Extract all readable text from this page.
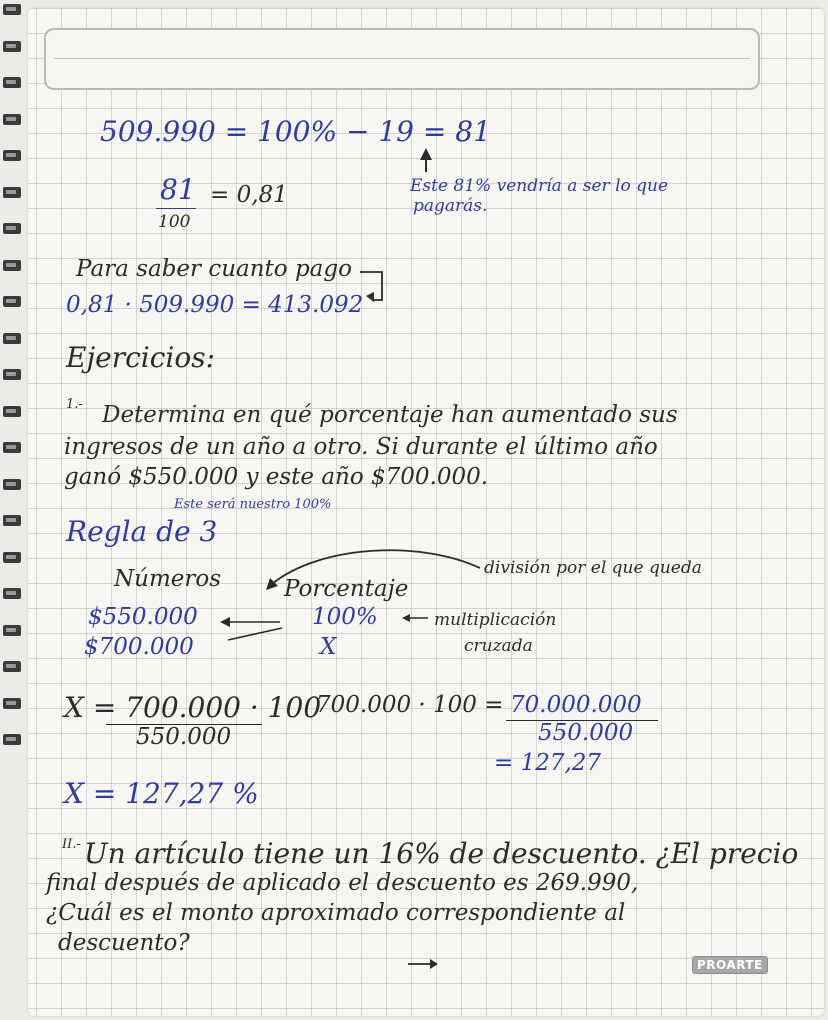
509.990 = 100% − 19 = 81
81
100
= 0,81	Este 81% vendría a ser lo que
pagarás.
Para saber cuanto pago
0,81 · 509.990 = 413.092
Ejercicios:
1.- Determina en qué porcentaje han aumentado sus
ingresos de un año a otro. Si durante el último año
ganó $550.000 y este año $700.000.
Este será nuestro 100%
Regla de 3
división por el que queda
Números	Porcentaje
$550.000
$700.000
100%
X
multiplicación
cruzada
X = 700.000 · 100
550.000
700.000 · 100 = 70.000.000
550.000
= 127,27
X = 127,27 %
II.- Un artículo tiene un 16% de descuento. ¿El precio
final después de aplicado el descuento es 269.990,
¿Cuál es el monto aproximado correspondiente al
descuento?
PROARTE
